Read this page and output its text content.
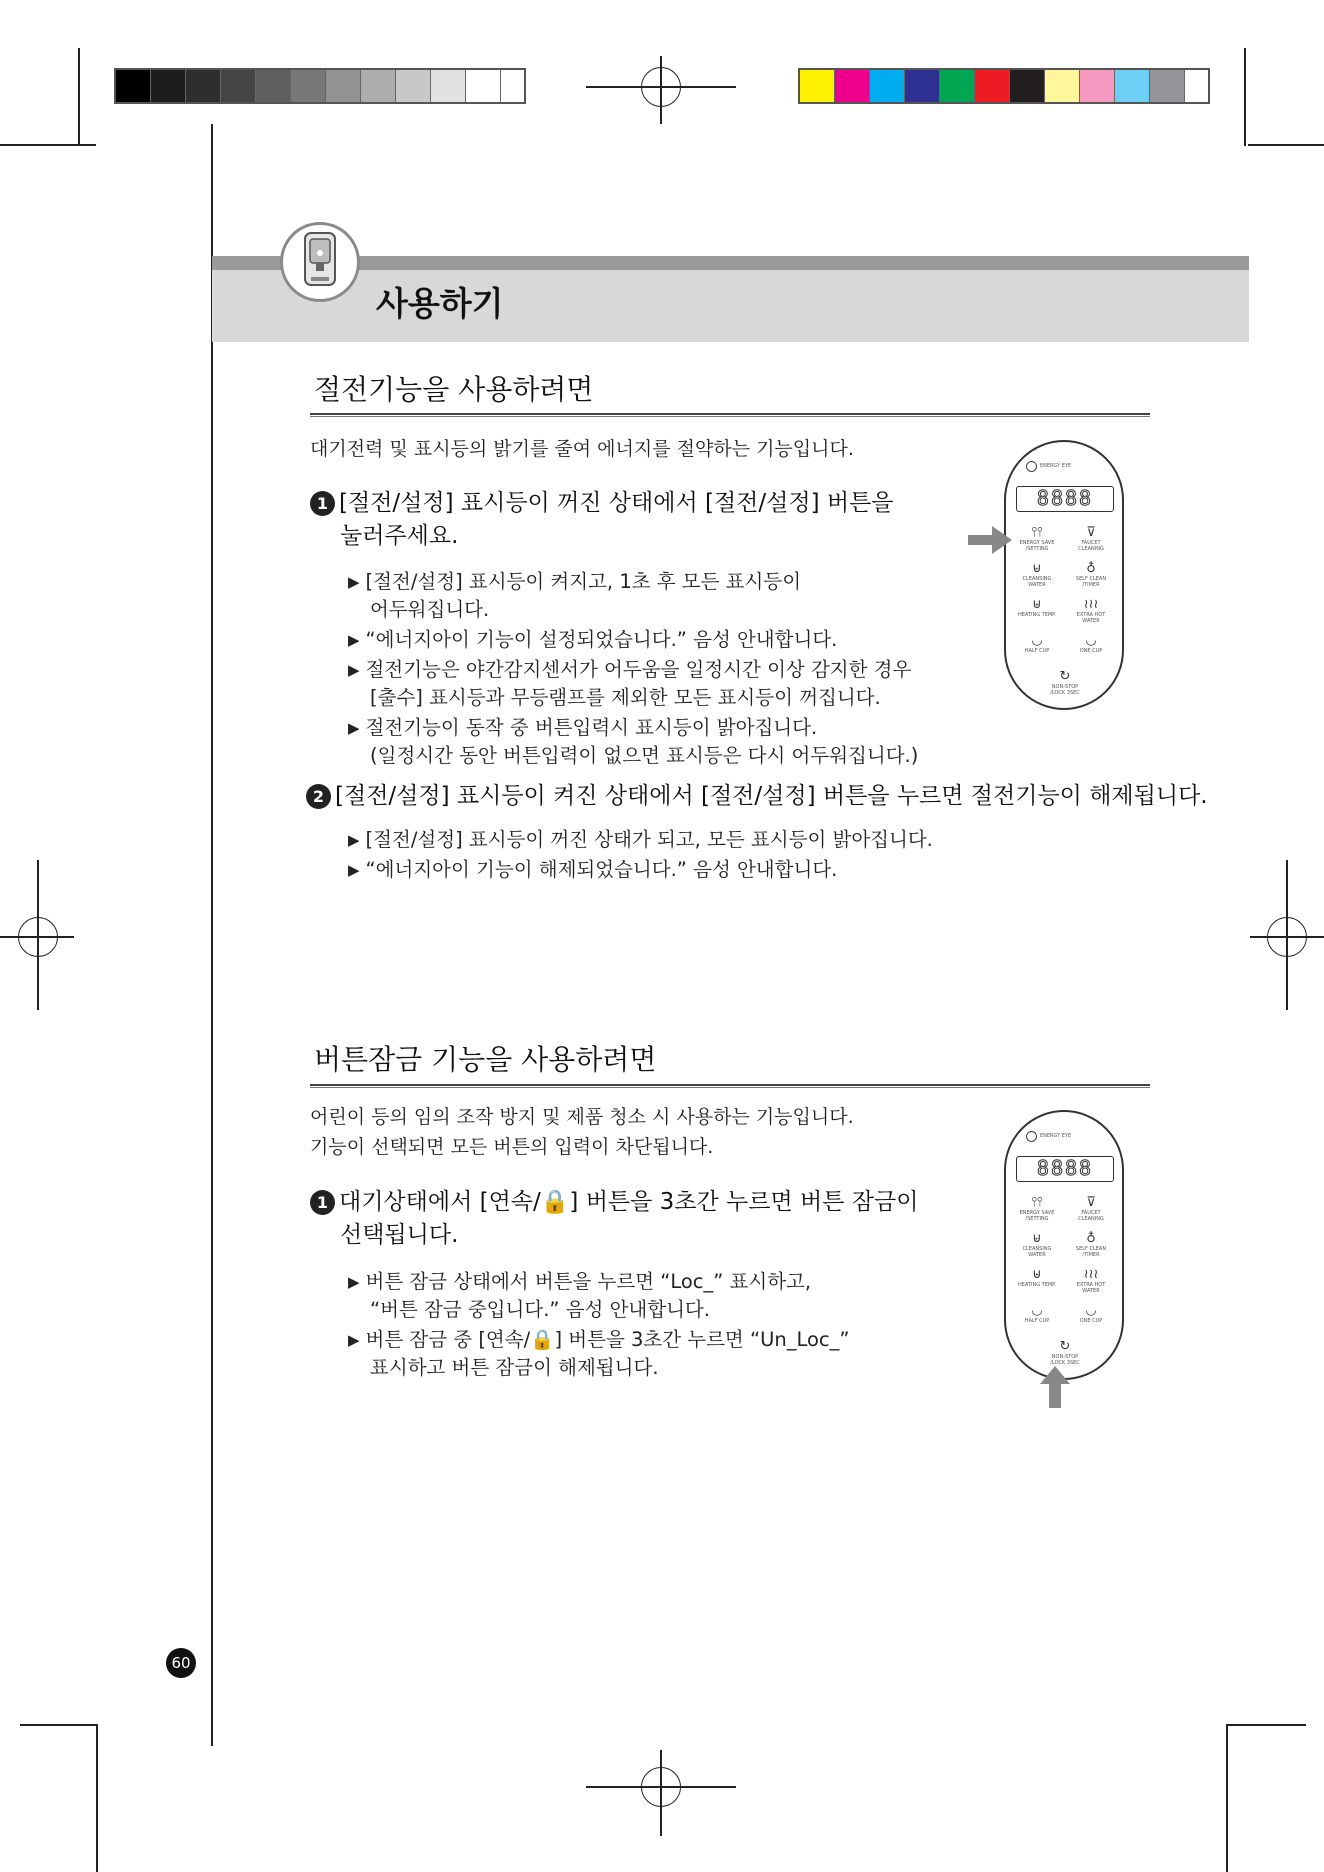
사용하기
절전기능을 사용하려면
대기전력 및 표시등의 밝기를 줄여 에너지를 절약하는 기능입니다.
1 [절전/설정] 표시등이 꺼진 상태에서 [절전/설정] 버튼을
눌러주세요.
▶ [절전/설정] 표시등이 켜지고, 1초 후 모든 표시등이
어두워집니다.
▶ “에너지아이 기능이 설정되었습니다.” 음성 안내합니다.
▶ 절전기능은 야간감지센서가 어두움을 일정시간 이상 감지한 경우
[출수] 표시등과 무등램프를 제외한 모든 표시등이 꺼집니다.
▶ 절전기능이 동작 중 버튼입력시 표시등이 밝아집니다.
(일정시간 동안 버튼입력이 없으면 표시등은 다시 어두워집니다.)
2 [절전/설정] 표시등이 켜진 상태에서 [절전/설정] 버튼을 누르면 절전기능이 해제됩니다.
▶ [절전/설정] 표시등이 꺼진 상태가 되고, 모든 표시등이 밝아집니다.
▶ “에너지아이 기능이 해제되었습니다.” 음성 안내합니다.
ENERGY EYE
8888
⫯⫯
ENERGY SAVE /SETTING
⊽
FAUCET CLEANING
⊌
CLEANSING WATER
♁
SELF CLEAN /TIMER
⊎
HEATING TEMP.
≀≀≀
EXTRA HOT WATER
◡
HALF CUP
◡
ONE CUP
↻
NON-STOP
/LOCK 3SEC
버튼잠금 기능을 사용하려면
어린이 등의 임의 조작 방지 및 제품 청소 시 사용하는 기능입니다.
기능이 선택되면 모든 버튼의 입력이 차단됩니다.
1 대기상태에서 [연속/🔒] 버튼을 3초간 누르면 버튼 잠금이
선택됩니다.
▶ 버튼 잠금 상태에서 버튼을 누르면 “Loc_” 표시하고,
“버튼 잠금 중입니다.” 음성 안내합니다.
▶ 버튼 잠금 중 [연속/🔒] 버튼을 3초간 누르면 “Un_Loc_”
표시하고 버튼 잠금이 해제됩니다.
ENERGY EYE
8888
⫯⫯
ENERGY SAVE /SETTING
⊽
FAUCET CLEANING
⊌
CLEANSING WATER
♁
SELF CLEAN /TIMER
⊎
HEATING TEMP.
≀≀≀
EXTRA HOT WATER
◡
HALF CUP
◡
ONE CUP
↻
NON-STOP
/LOCK 3SEC
60
